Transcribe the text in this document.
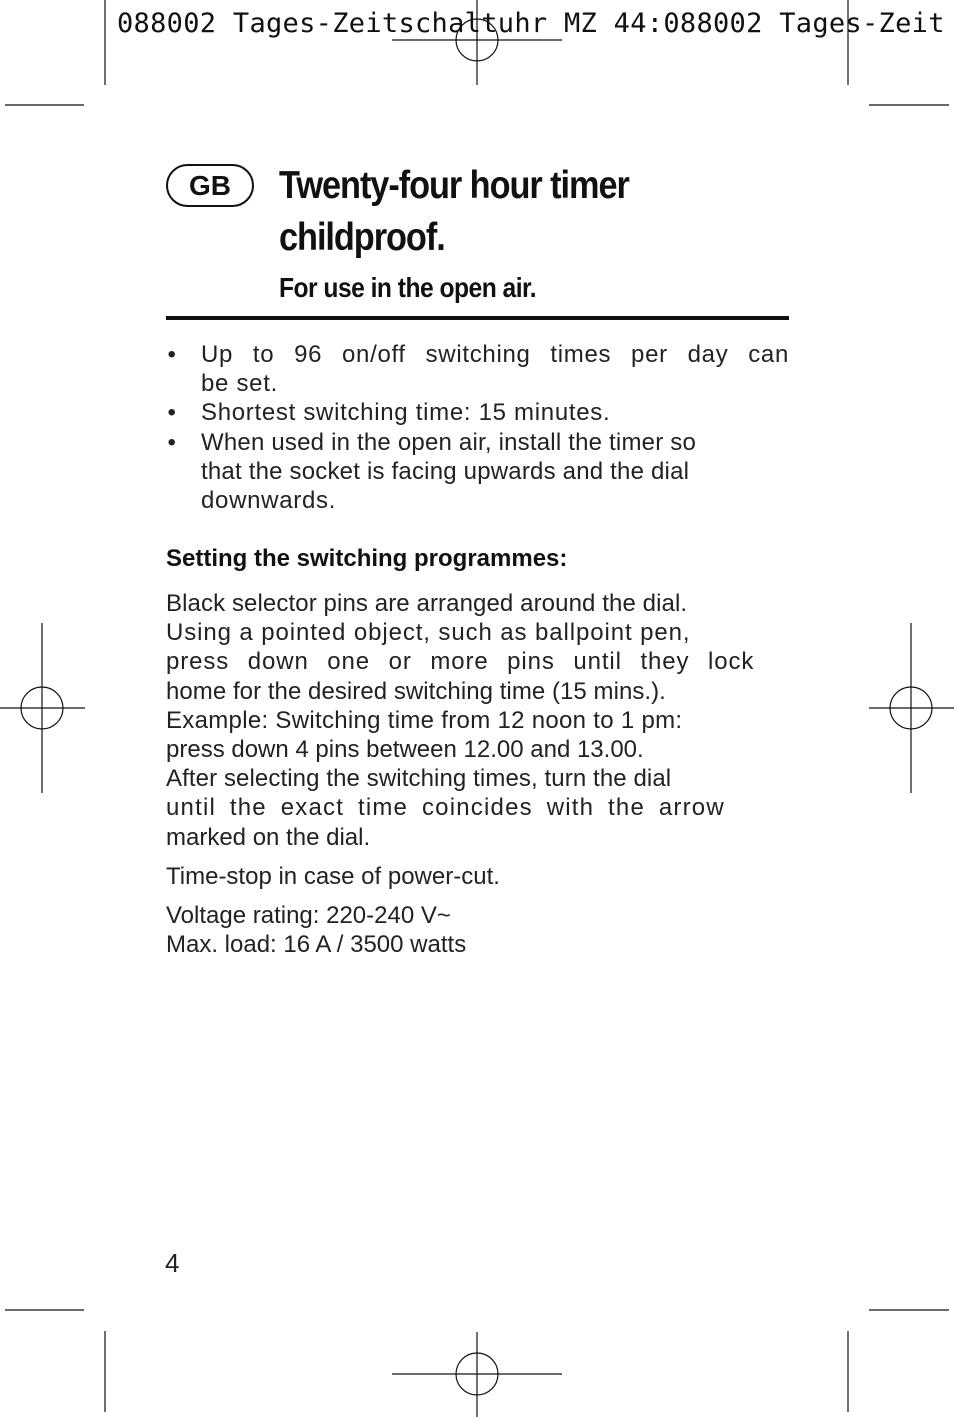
088002 Tages-Zeitschaltuhr MZ 44:088002 Tages-Zeit
GB	Twenty-four hour timer
childproof.
For use in the open air.
• Up to 96 on/off switching times per day can
be set.
• Shortest switching time: 15 minutes.
• When used in the open air, install the timer so
that the socket is facing upwards and the dial
downwards.
Setting the switching programmes:
Black selector pins are arranged around the dial.
Using a pointed object, such as ballpoint pen,
press down one or more pins until they lock
home for the desired switching time (15 mins.).
Example: Switching time from 12 noon to 1 pm:
press down 4 pins between 12.00 and 13.00.
After selecting the switching times, turn the dial
until the exact time coincides with the arrow
marked on the dial.

Time-stop in case of power-cut.

Voltage rating: 220-240 V~
Max. load: 16 A / 3500 watts

4
